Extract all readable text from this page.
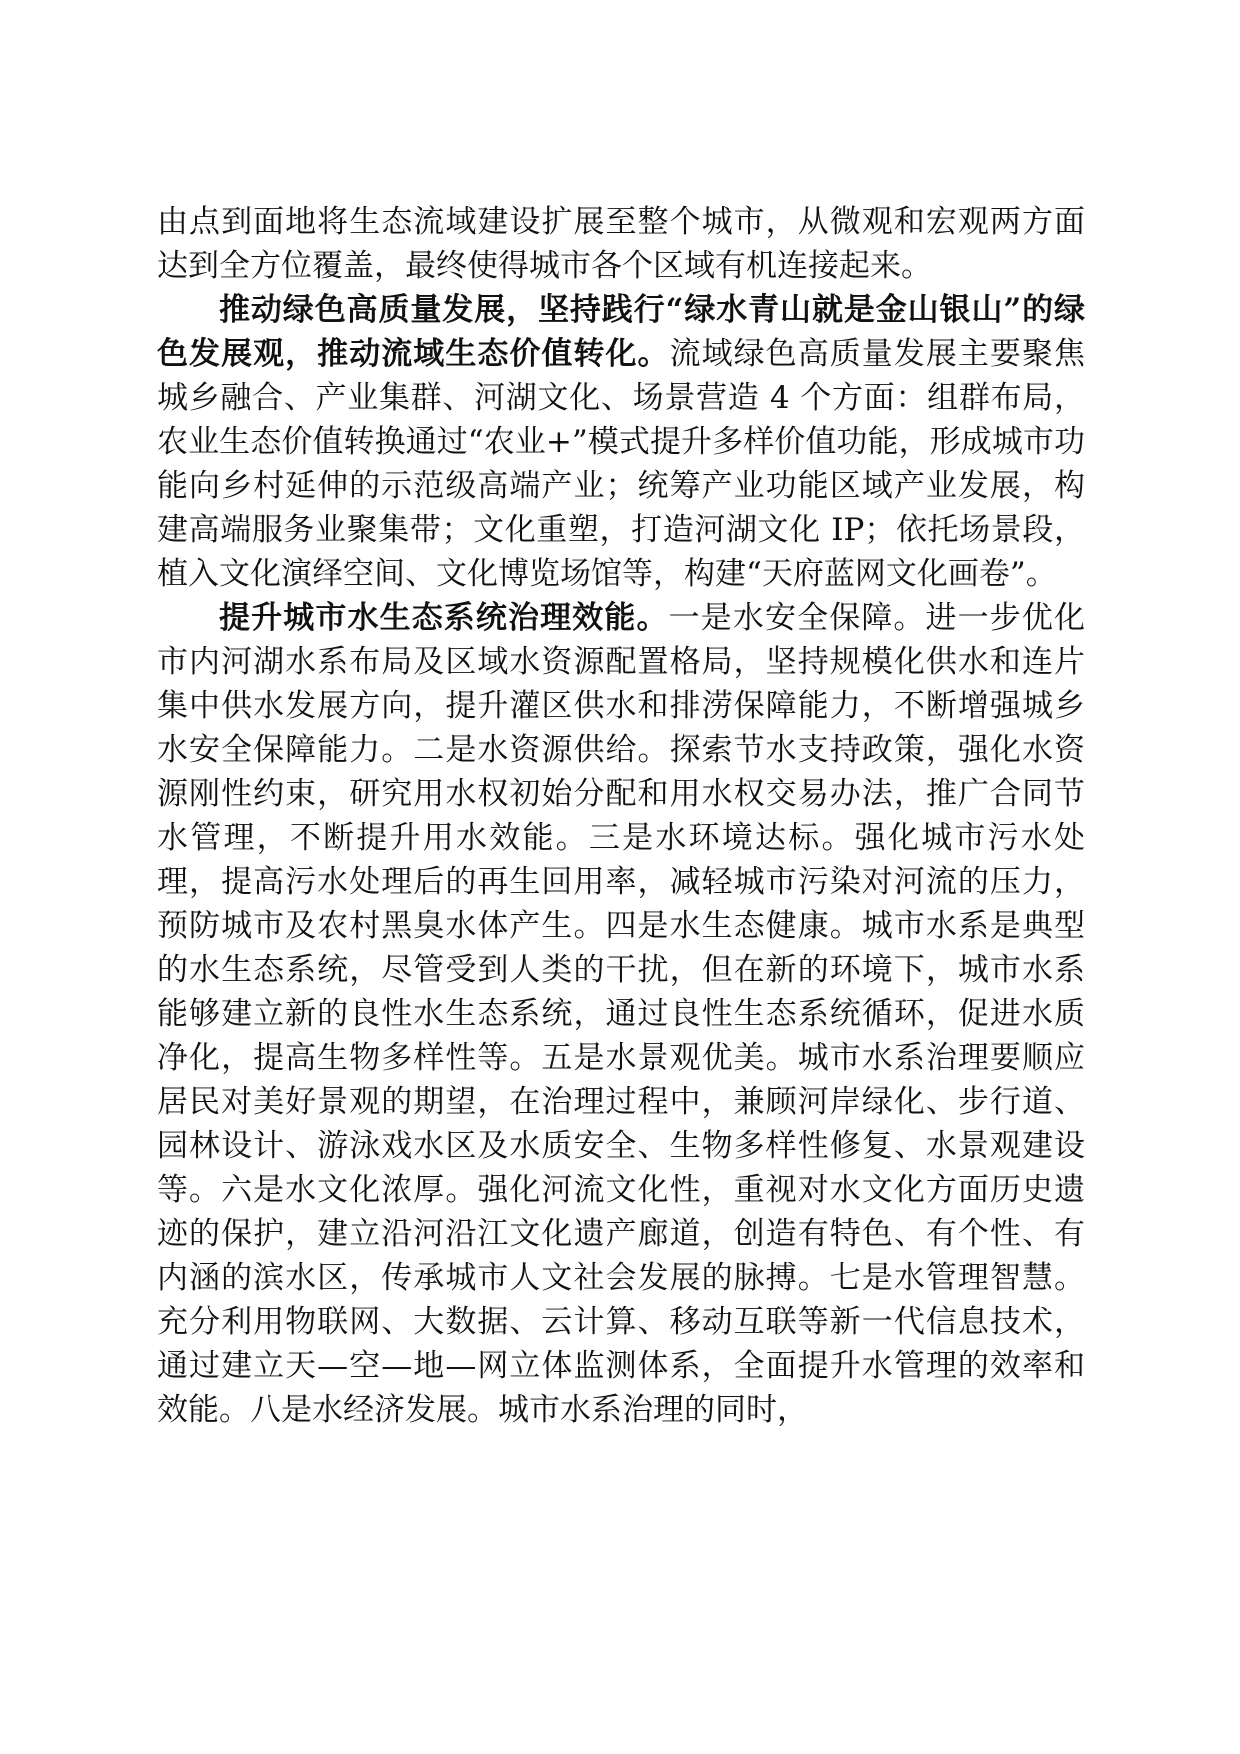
由点到面地将生态流域建设扩展至整个城市，从微观和宏观两方面达到全方位覆盖，最终使得城市各个区域有机连接起来。

推动绿色高质量发展，坚持践行“绿水青山就是金山银山”的绿色发展观，推动流域生态价值转化。流域绿色高质量发展主要聚焦城乡融合、产业集群、河湖文化、场景营造 4 个方面：组群布局，农业生态价值转换通过“农业+”模式提升多样价值功能，形成城市功能向乡村延伸的示范级高端产业；统筹产业功能区域产业发展，构建高端服务业聚集带；文化重塑，打造河湖文化 IP；依托场景段，植入文化演绎空间、文化博览场馆等，构建“天府蓝网文化画卷”。

提升城市水生态系统治理效能。一是水安全保障。进一步优化市内河湖水系布局及区域水资源配置格局，坚持规模化供水和连片集中供水发展方向，提升灌区供水和排涝保障能力，不断增强城乡水安全保障能力。二是水资源供给。探索节水支持政策，强化水资源刚性约束，研究用水权初始分配和用水权交易办法，推广合同节水管理，不断提升用水效能。三是水环境达标。强化城市污水处理，提高污水处理后的再生回用率，减轻城市污染对河流的压力，预防城市及农村黑臭水体产生。四是水生态健康。城市水系是典型的水生态系统，尽管受到人类的干扰，但在新的环境下，城市水系能够建立新的良性水生态系统，通过良性生态系统循环，促进水质净化，提高生物多样性等。五是水景观优美。城市水系治理要顺应居民对美好景观的期望，在治理过程中，兼顾河岸绿化、步行道、园林设计、游泳戏水区及水质安全、生物多样性修复、水景观建设等。六是水文化浓厚。强化河流文化性，重视对水文化方面历史遗迹的保护，建立沿河沿江文化遗产廊道，创造有特色、有个性、有内涵的滨水区，传承城市人文社会发展的脉搏。七是水管理智慧。充分利用物联网、大数据、云计算、移动互联等新一代信息技术，通过建立天—空—地—网立体监测体系，全面提升水管理的效率和效能。八是水经济发展。城市水系治理的同时，
